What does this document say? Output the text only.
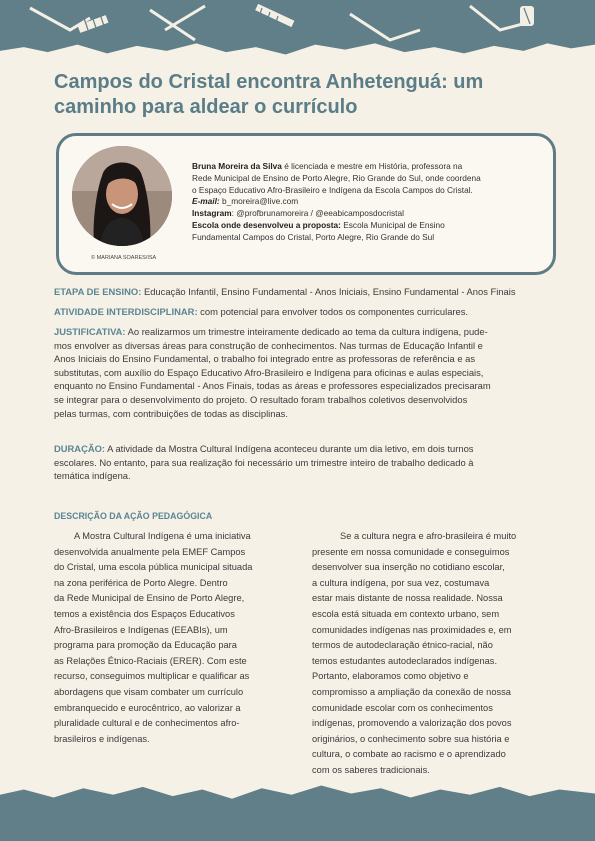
Campos do Cristal encontra Anhetenguá: um
caminho para aldear o currículo
© MARIANA SOARES/ISA
Bruna Moreira da Silva é licenciada e mestre em História, professora na
Rede Municipal de Ensino de Porto Alegre, Rio Grande do Sul, onde coordena
o Espaço Educativo Afro-Brasileiro e Indígena da Escola Campos do Cristal.
E-mail: b_moreira@live.com
Instagram: @profbrunamoreira / @eeabicamposdocristal
Escola onde desenvolveu a proposta: Escola Municipal de Ensino
Fundamental Campos do Cristal, Porto Alegre, Rio Grande do Sul
ETAPA DE ENSINO: Educação Infantil, Ensino Fundamental - Anos Iniciais, Ensino Fundamental - Anos Finais
ATIVIDADE INTERDISCIPLINAR: com potencial para envolver todos os componentes curriculares.
JUSTIFICATIVA: Ao realizarmos um trimestre inteiramente dedicado ao tema da cultura indígena, pude-
mos envolver as diversas áreas para construção de conhecimentos. Nas turmas de Educação Infantil e
Anos Iniciais do Ensino Fundamental, o trabalho foi integrado entre as professoras de referência e as
substitutas, com auxílio do Espaço Educativo Afro-Brasileiro e Indígena para oficinas e aulas especiais,
enquanto no Ensino Fundamental - Anos Finais, todas as áreas e professores especializados precisaram
se integrar para o desenvolvimento do projeto. O resultado foram trabalhos coletivos desenvolvidos
pelas turmas, com contribuições de todas as disciplinas.
DURAÇÃO: A atividade da Mostra Cultural Indígena aconteceu durante um dia letivo, em dois turnos
escolares. No entanto, para sua realização foi necessário um trimestre inteiro de trabalho dedicado à
temática indígena.
DESCRIÇÃO DA AÇÃO PEDAGÓGICA
A Mostra Cultural Indígena é uma iniciativa
desenvolvida anualmente pela EMEF Campos
do Cristal, uma escola pública municipal situada
na zona periférica de Porto Alegre. Dentro
da Rede Municipal de Ensino de Porto Alegre,
temos a existência dos Espaços Educativos
Afro-Brasileiros e Indígenas (EEABIs), um
programa para promoção da Educação para
as Relações Étnico-Raciais (ERER). Com este
recurso, conseguimos multiplicar e qualificar as
abordagens que visam combater um currículo
embranquecido e eurocêntrico, ao valorizar a
pluralidade cultural e de conhecimentos afro-
brasileiros e indígenas.
Se a cultura negra e afro-brasileira é muito
presente em nossa comunidade e conseguimos
desenvolver sua inserção no cotidiano escolar,
a cultura indígena, por sua vez, costumava
estar mais distante de nossa realidade. Nossa
escola está situada em contexto urbano, sem
comunidades indígenas nas proximidades e, em
termos de autodeclaração étnico-racial, não
temos estudantes autodeclarados indígenas.
Portanto, elaboramos como objetivo e
compromisso a ampliação da conexão de nossa
comunidade escolar com os conhecimentos
indígenas, promovendo a valorização dos povos
originários, o conhecimento sobre sua história e
cultura, o combate ao racismo e o aprendizado
com os saberes tradicionais.
